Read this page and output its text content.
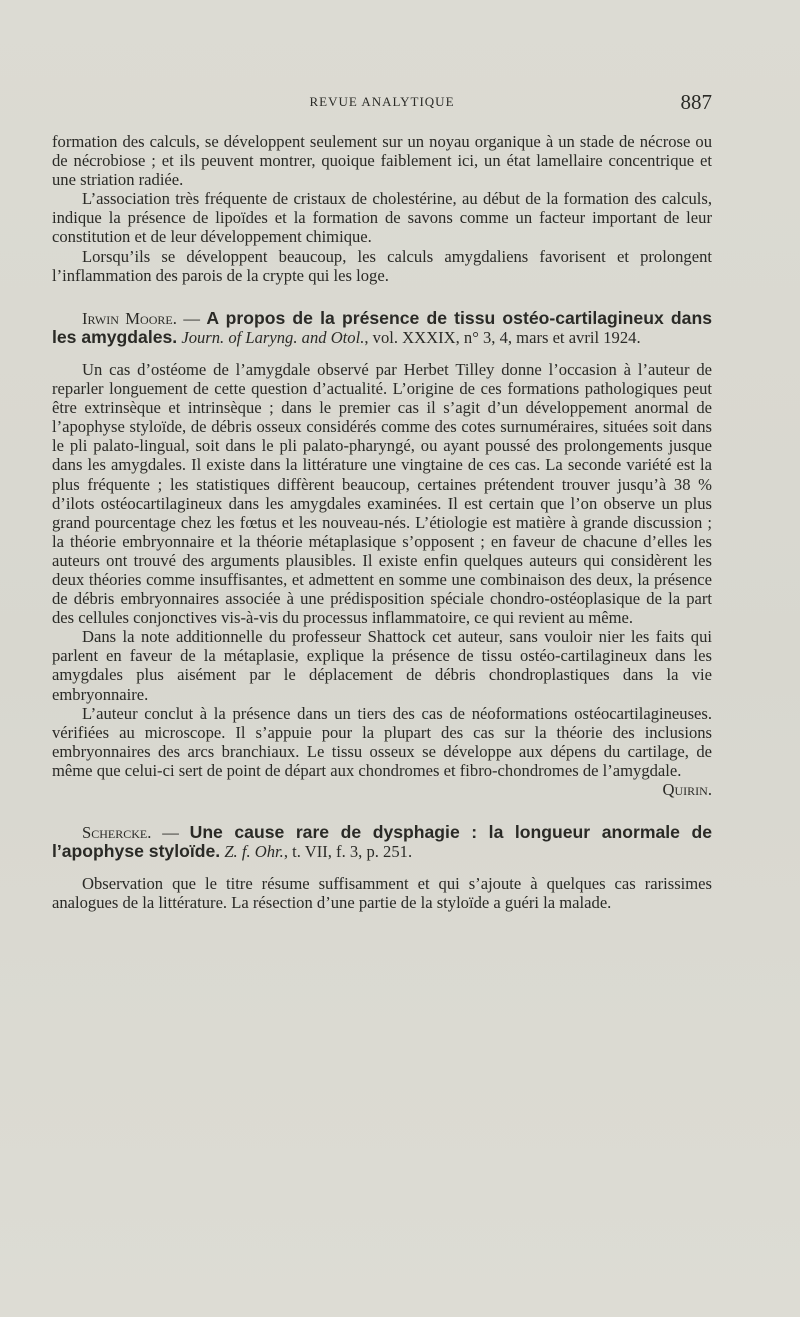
REVUE ANALYTIQUE	887

formation des calculs, se développent seulement sur un noyau organique à un stade de nécrose ou de nécrobiose ; et ils peuvent montrer, quoique faiblement ici, un état lamellaire concentrique et une striation radiée.

L’association très fréquente de cristaux de cholestérine, au début de la formation des calculs, indique la présence de lipoïdes et la formation de savons comme un facteur important de leur constitution et de leur développement chimique.

Lorsqu’ils se développent beaucoup, les calculs amygdaliens favorisent et prolongent l’inflammation des parois de la crypte qui les loge.

Irwin Moore. — A propos de la présence de tissu ostéo-cartilagineux dans les amygdales. Journ. of Laryng. and Otol., vol. XXXIX, n° 3, 4, mars et avril 1924.

Un cas d’ostéome de l’amygdale observé par Herbet Tilley donne l’occasion à l’auteur de reparler longuement de cette question d’actualité. L’origine de ces formations pathologiques peut être extrinsèque et intrinsèque ; dans le premier cas il s’agit d’un développement anormal de l’apophyse styloïde, de débris osseux considérés comme des cotes surnuméraires, situées soit dans le pli palato-lingual, soit dans le pli palato-pharyngé, ou ayant poussé des prolongements jusque dans les amygdales. Il existe dans la littérature une vingtaine de ces cas. La seconde variété est la plus fréquente ; les statistiques diffèrent beaucoup, certaines prétendent trouver jusqu’à 38 % d’ilots ostéocartilagineux dans les amygdales examinées. Il est certain que l’on observe un plus grand pourcentage chez les fœtus et les nouveau-nés. L’étiologie est matière à grande discussion ; la théorie embryonnaire et la théorie métaplasique s’opposent ; en faveur de chacune d’elles les auteurs ont trouvé des arguments plausibles. Il existe enfin quelques auteurs qui considèrent les deux théories comme insuffisantes, et admettent en somme une combinaison des deux, la présence de débris embryonnaires associée à une prédisposition spéciale chondro-ostéoplasique de la part des cellules conjonctives vis-à-vis du processus inflammatoire, ce qui revient au même.

Dans la note additionnelle du professeur Shattock cet auteur, sans vouloir nier les faits qui parlent en faveur de la métaplasie, explique la présence de tissu ostéo-cartilagineux dans les amygdales plus aisément par le déplacement de débris chondroplastiques dans la vie embryonnaire.

L’auteur conclut à la présence dans un tiers des cas de néoformations ostéocartilagineuses. vérifiées au microscope. Il s’appuie pour la plupart des cas sur la théorie des inclusions embryonnaires des arcs branchiaux. Le tissu osseux se développe aux dépens du cartilage, de même que celui-ci sert de point de départ aux chondromes et fibro-chondromes de l’amygdale.
Quirin.

Schercke. — Une cause rare de dysphagie : la longueur anormale de l’apophyse styloïde. Z. f. Ohr., t. VII, f. 3, p. 251.

Observation que le titre résume suffisamment et qui s’ajoute à quelques cas rarissimes analogues de la littérature. La résection d’une partie de la styloïde a guéri la malade.
